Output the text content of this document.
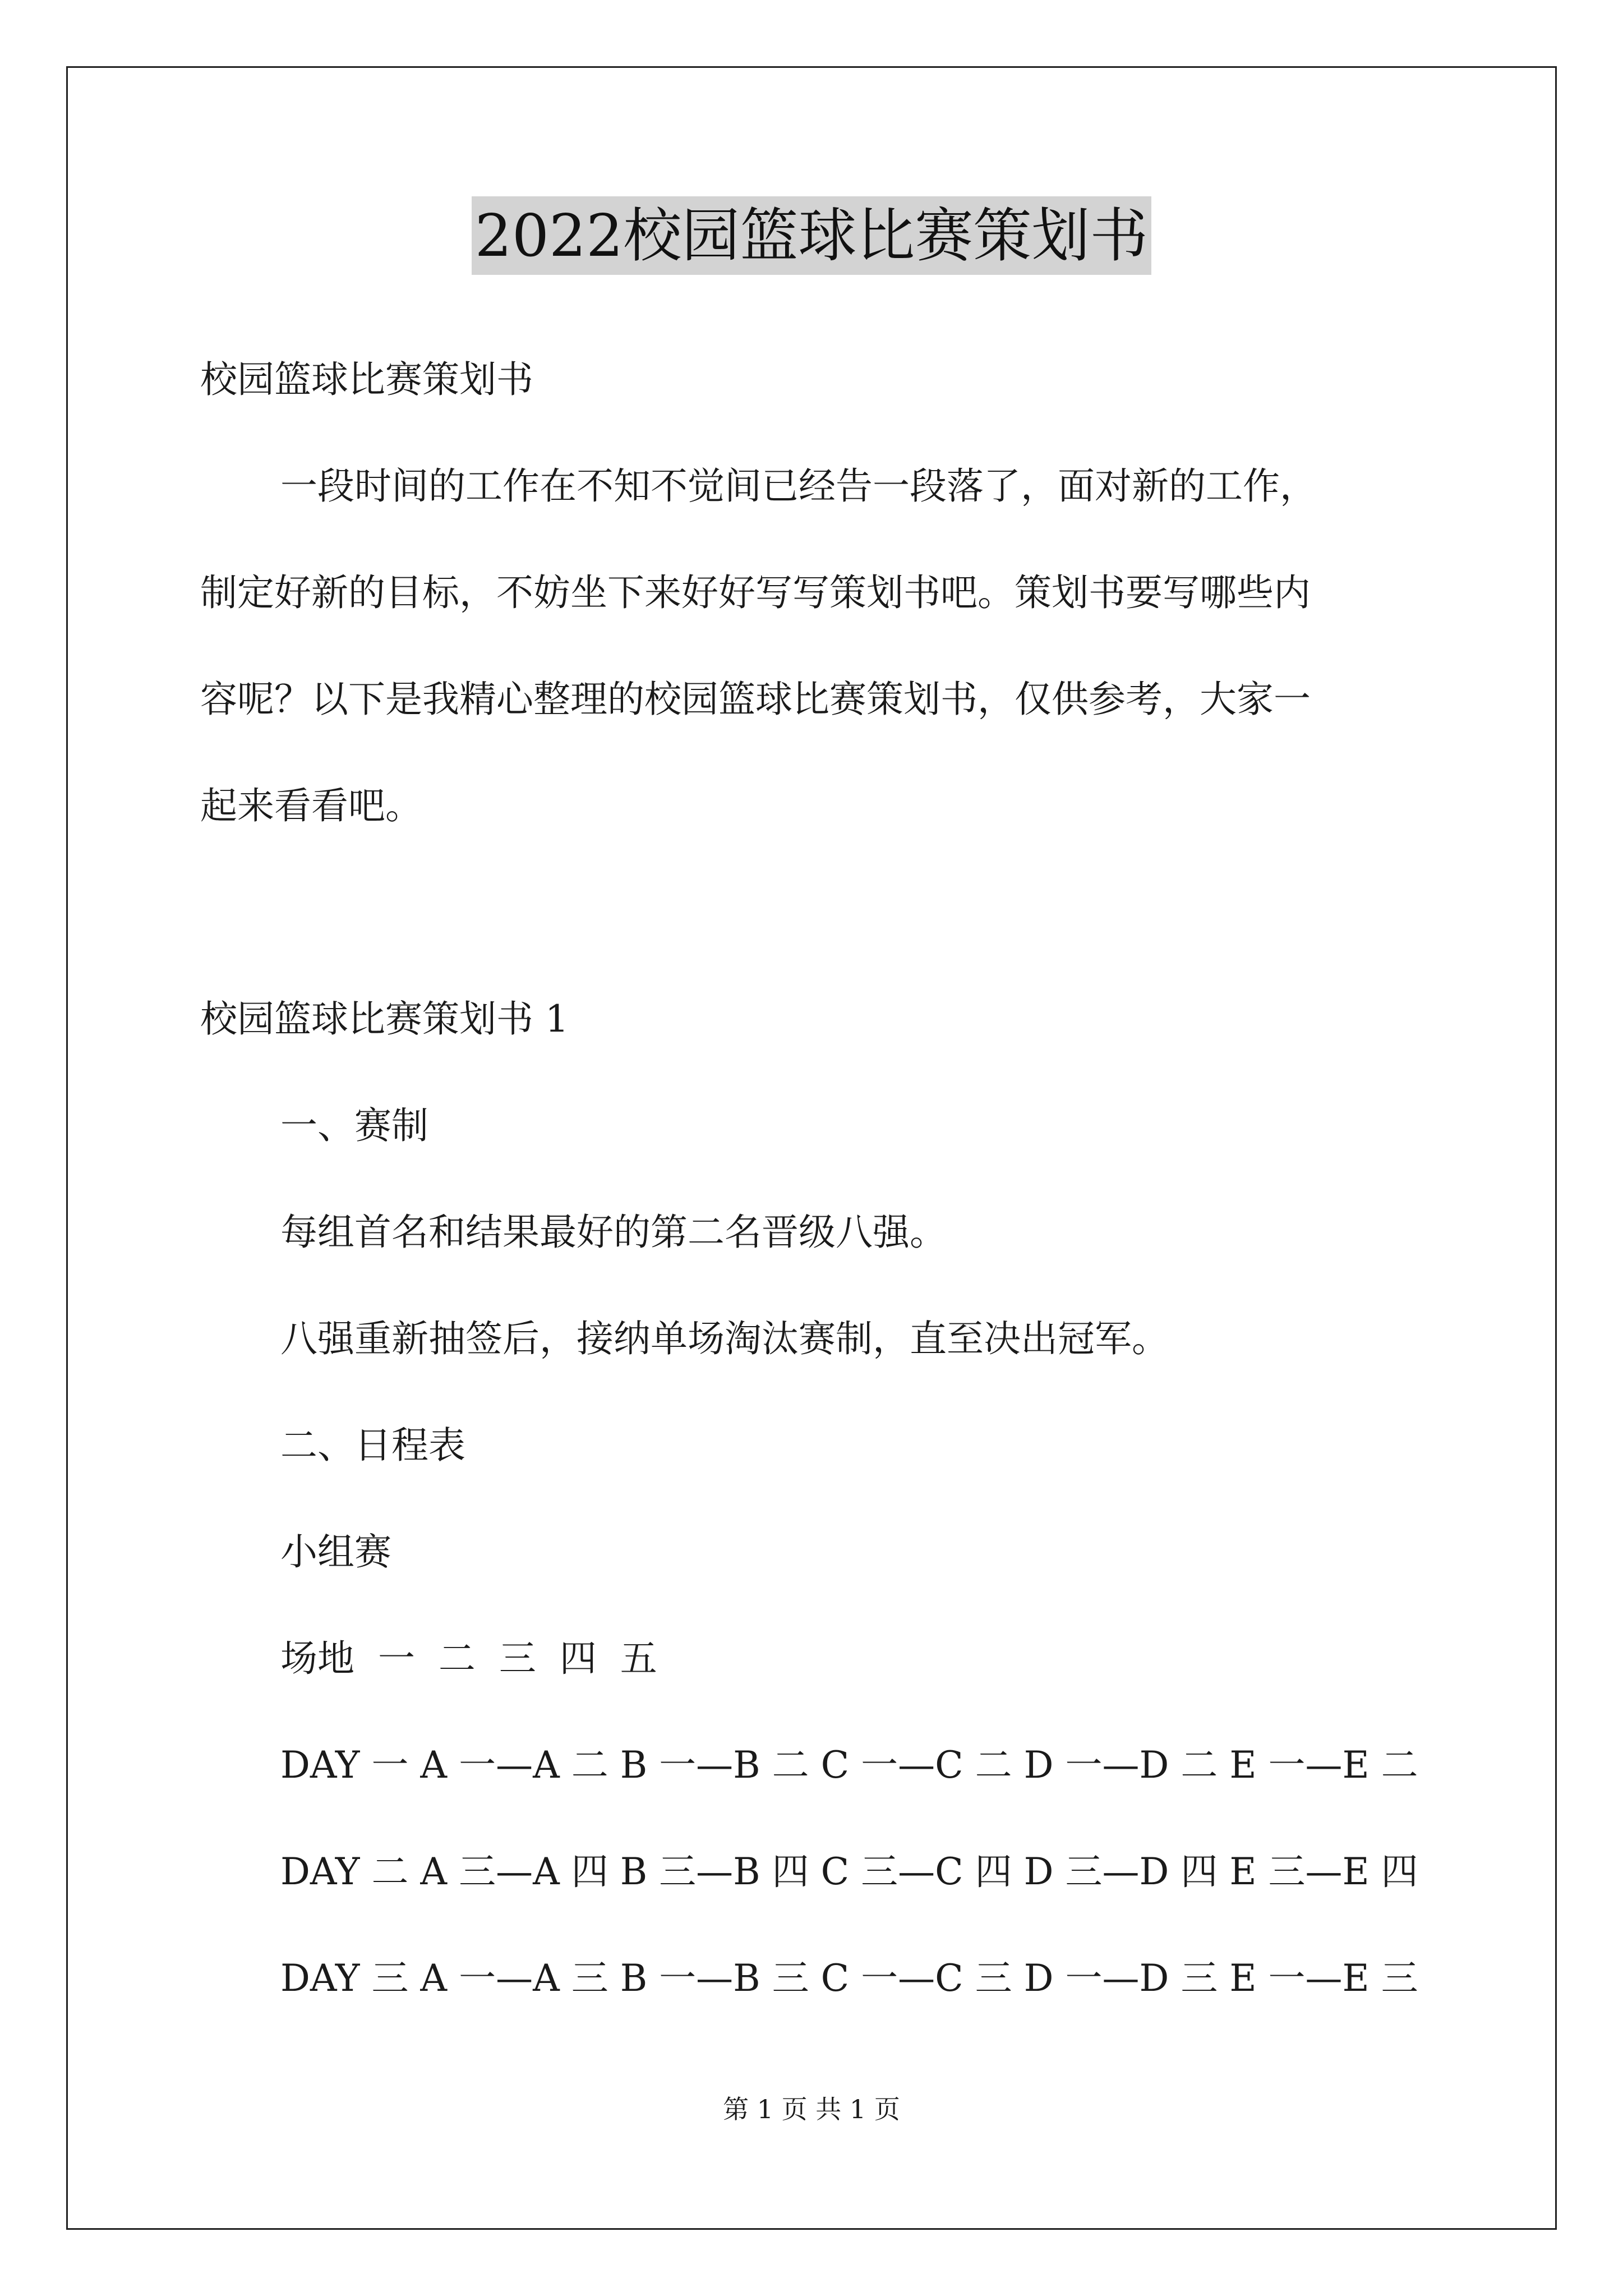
2022校园篮球比赛策划书
校园篮球比赛策划书
一段时间的工作在不知不觉间已经告一段落了，面对新的工作，
制定好新的目标，不妨坐下来好好写写策划书吧。策划书要写哪些内
容呢？以下是我精心整理的校园篮球比赛策划书，仅供参考，大家一
起来看看吧。
校园篮球比赛策划书 1
一、赛制
每组首名和结果最好的第二名晋级八强。
八强重新抽签后，接纳单场淘汰赛制，直至决出冠军。
二、日程表
小组赛
场地  一  二  三  四  五
DAY 一 A 一—A 二 B 一—B 二 C 一—C 二 D 一—D 二 E 一—E 二
DAY 二 A 三—A 四 B 三—B 四 C 三—C 四 D 三—D 四 E 三—E 四
DAY 三 A 一—A 三 B 一—B 三 C 一—C 三 D 一—D 三 E 一—E 三
第 1 页 共 1 页
